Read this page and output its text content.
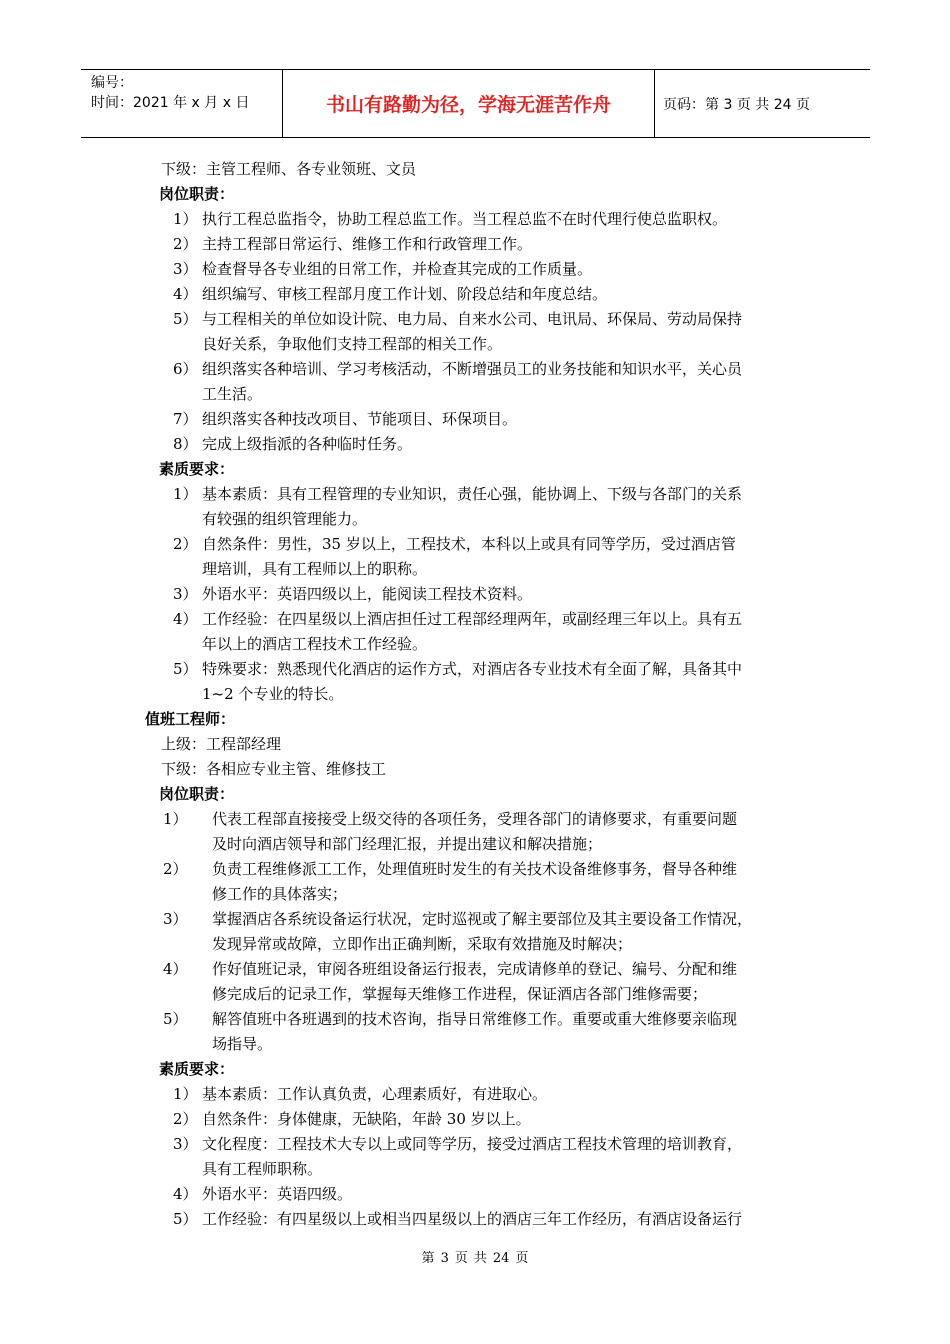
编号：
时间：2021 年 x 月 x 日	书山有路勤为径，学海无涯苦作舟	页码：第 3 页 共 24 页
下级：主管工程师、各专业领班、文员
岗位职责：
1） 执行工程总监指令，协助工程总监工作。当工程总监不在时代理行使总监职权。
2） 主持工程部日常运行、维修工作和行政管理工作。
3） 检查督导各专业组的日常工作，并检查其完成的工作质量。
4） 组织编写、审核工程部月度工作计划、阶段总结和年度总结。
5） 与工程相关的单位如设计院、电力局、自来水公司、电讯局、环保局、劳动局保持
良好关系，争取他们支持工程部的相关工作。
6） 组织落实各种培训、学习考核活动，不断增强员工的业务技能和知识水平，关心员
工生活。
7） 组织落实各种技改项目、节能项目、环保项目。
8） 完成上级指派的各种临时任务。
素质要求：
1） 基本素质：具有工程管理的专业知识，责任心强，能协调上、下级与各部门的关系
有较强的组织管理能力。
2） 自然条件：男性，35 岁以上，工程技术，本科以上或具有同等学历，受过酒店管
理培训，具有工程师以上的职称。
3） 外语水平：英语四级以上，能阅读工程技术资料。
4） 工作经验：在四星级以上酒店担任过工程部经理两年，或副经理三年以上。具有五
年以上的酒店工程技术工作经验。
5） 特殊要求：熟悉现代化酒店的运作方式，对酒店各专业技术有全面了解，具备其中
1~2 个专业的特长。
值班工程师：
上级：工程部经理
下级：各相应专业主管、维修技工
岗位职责：
1） 代表工程部直接接受上级交待的各项任务，受理各部门的请修要求，有重要问题
及时向酒店领导和部门经理汇报，并提出建议和解决措施；
2） 负责工程维修派工工作，处理值班时发生的有关技术设备维修事务，督导各种维
修工作的具体落实；
3） 掌握酒店各系统设备运行状况，定时巡视或了解主要部位及其主要设备工作情况，
发现异常或故障，立即作出正确判断，采取有效措施及时解决；
4） 作好值班记录，审阅各班组设备运行报表，完成请修单的登记、编号、分配和维
修完成后的记录工作，掌握每天维修工作进程，保证酒店各部门维修需要；
5） 解答值班中各班遇到的技术咨询，指导日常维修工作。重要或重大维修要亲临现
场指导。
素质要求：
1） 基本素质：工作认真负责，心理素质好，有进取心。
2） 自然条件：身体健康，无缺陷，年龄 30 岁以上。
3） 文化程度：工程技术大专以上或同等学历，接受过酒店工程技术管理的培训教育，
具有工程师职称。
4） 外语水平：英语四级。
5） 工作经验：有四星级以上或相当四星级以上的酒店三年工作经历，有酒店设备运行
第 3 页 共 24 页
